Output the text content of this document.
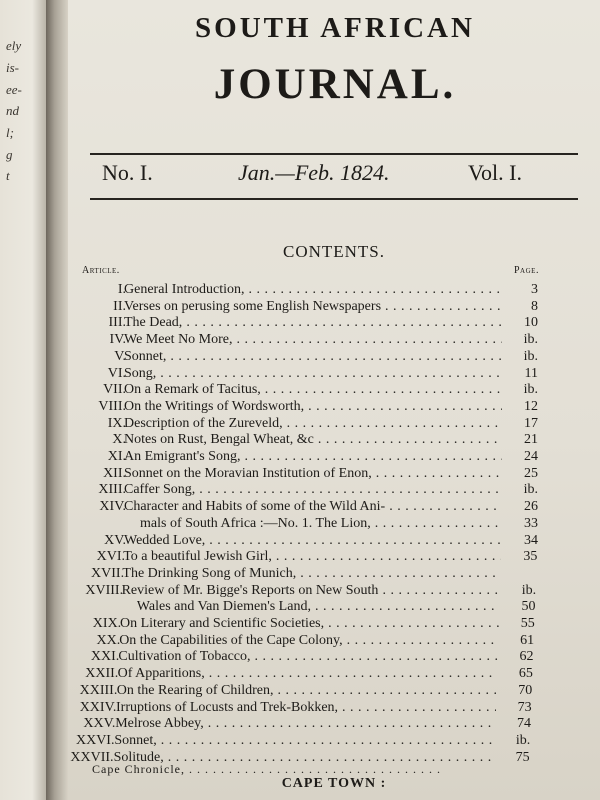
ely
is-
ee-
nd
l;
g
t
SOUTH AFRICAN
JOURNAL.
No. I.	Jan.—Feb. 1824.	Vol. I.
CONTENTS.
Article.	Page.
I.
General Introduction, . . .	3
II.
Verses on perusing some English Newspapers . . .	8
III.
The Dead, . . .	10
IV.
We Meet No More, . . .	ib.
V.
Sonnet, . . .	ib.
VI.
Song, . . .	11
VII.
On a Remark of Tacitus, . . .	ib.
VIII.
On the Writings of Wordsworth, . . .	12
IX.
Description of the Zureveld, . . .	17
X.
Notes on Rust, Bengal Wheat, &c . . .	21
XI.
An Emigrant's Song, . . .	24
XII.
Sonnet on the Moravian Institution of Enon, . . .	25
XIII.
Caffer Song, . . .	ib.
XIV.
Character and Habits of some of the Wild Ani- . . .	26
mals of South Africa :—No. 1. The Lion, . . .	33
XV.
Wedded Love, . . .	34
XVI.
To a beautiful Jewish Girl, . . .	35
XVII.
The Drinking Song of Munich, . . .
XVIII.
Review of Mr. Bigge's Reports on New South . . .	ib.
Wales and Van Diemen's Land, . . .	50
XIX.
On Literary and Scientific Societies, . . .	55
XX.
On the Capabilities of the Cape Colony, . . .	61
XXI. Cultivation of Tobacco, . . .	62
XXII. Of Apparitions, . . .	65
XXIII. On the Rearing of Children, . . .	70
XXIV. Irruptions of Locusts and Trek-Bokken, . . .	73
XXV. Melrose Abbey, . . .	74
XXVI. Sonnet, . . .	ib.
XXVII. Solitude, . . .	75
Cape Chronicle, . . . . . . . . . . . . . . . . . . . . . . . . . . . . . . . .
CAPE TOWN :
